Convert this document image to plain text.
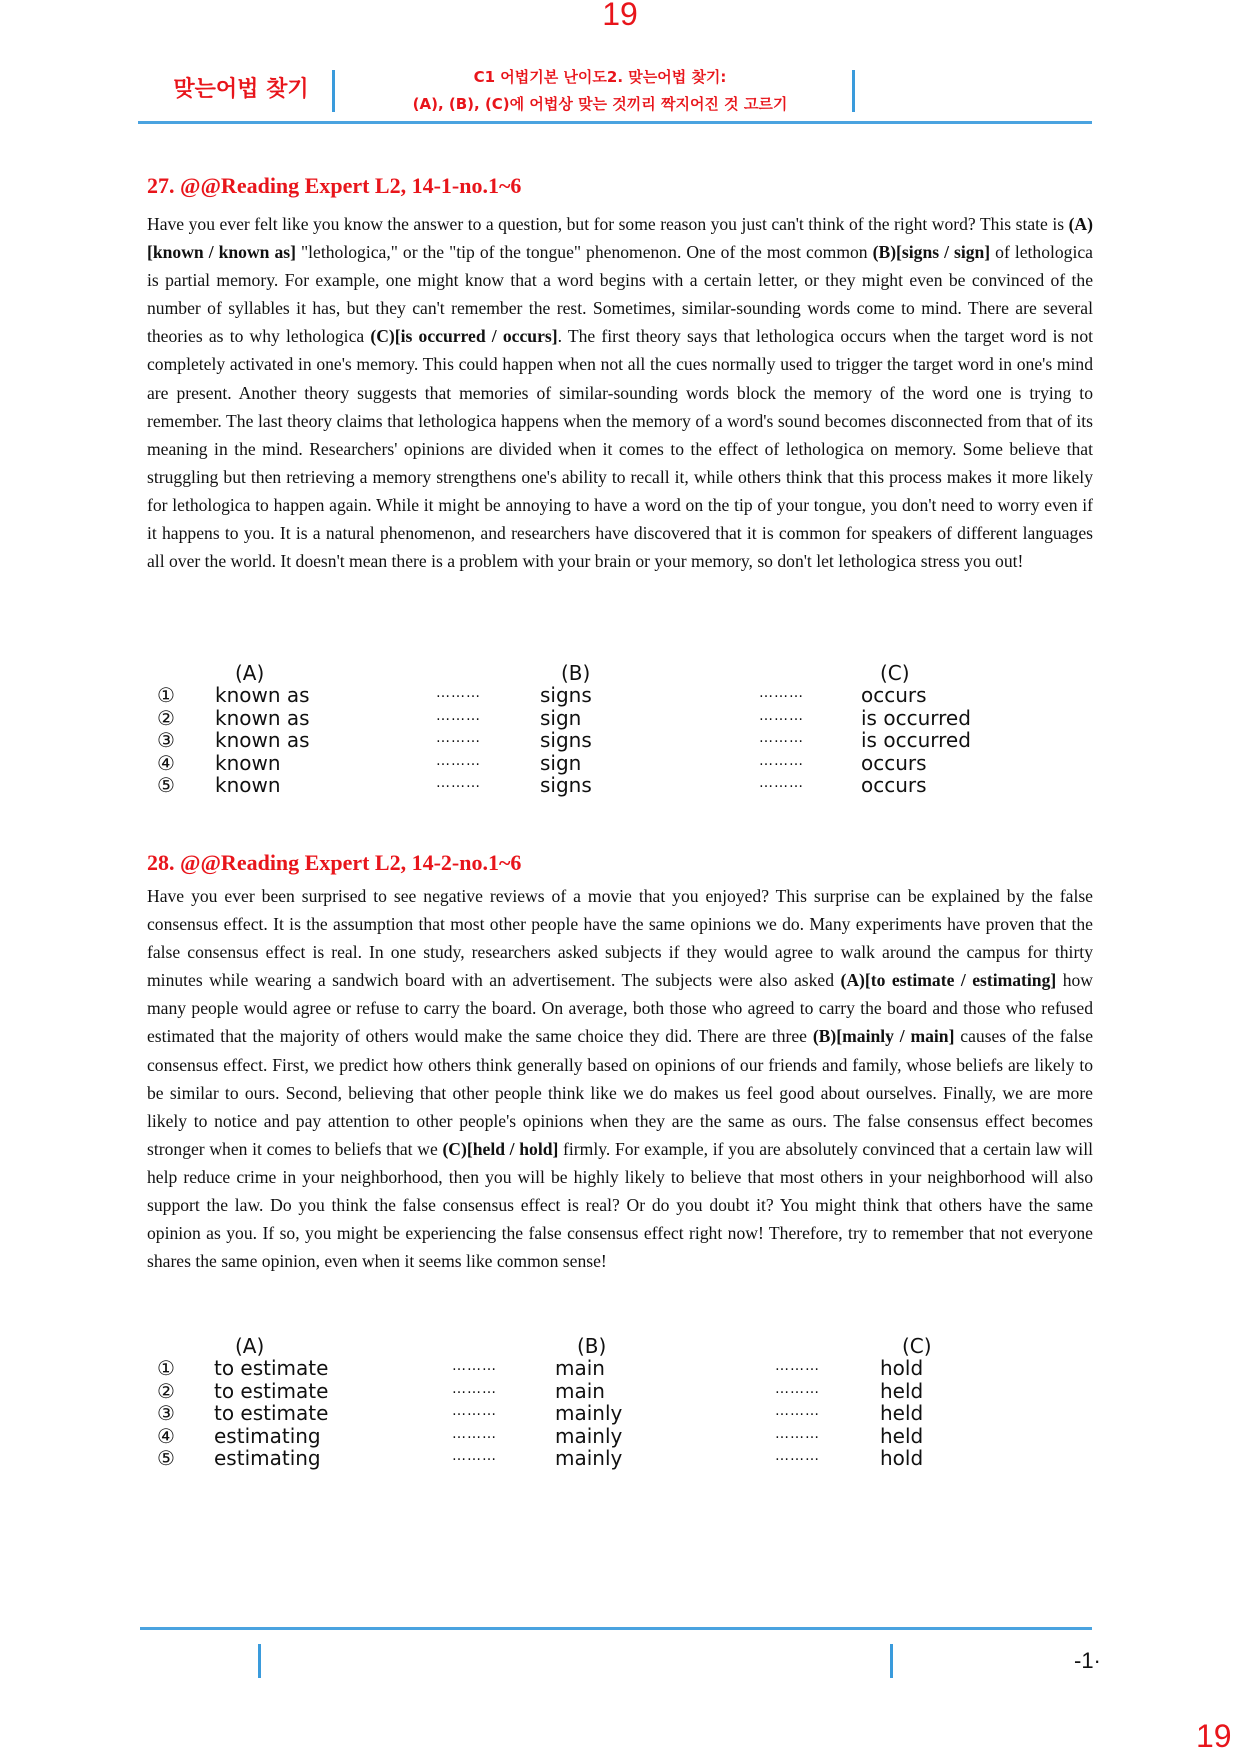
19
맞는어법 찾기	C1 어법기본 난이도2. 맞는어법 찾기:
(A), (B), (C)에 어법상 맞는 것끼리 짝지어진 것 고르기
27. @@Reading Expert L2, 14-1-no.1~6
Have you ever felt like you know the answer to a question, but for some reason you just can't think of the right word? This state is (A)[known / known as] "lethologica," or the "tip of the tongue" phenomenon. One of the most common (B)[signs / sign] of lethologica is partial memory. For example, one might know that a word begins with a certain letter, or they might even be convinced of the number of syllables it has, but they can't remember the rest. Sometimes, similar-sounding words come to mind. There are several theories as to why lethologica (C)[is occurred / occurs]. The first theory says that lethologica occurs when the target word is not completely activated in one's memory. This could happen when not all the cues normally used to trigger the target word in one's mind are present. Another theory suggests that memories of similar-sounding words block the memory of the word one is trying to remember. The last theory claims that lethologica happens when the memory of a word's sound becomes disconnected from that of its meaning in the mind. Researchers' opinions are divided when it comes to the effect of lethologica on memory. Some believe that struggling but then retrieving a memory strengthens one's ability to recall it, while others think that this process makes it more likely for lethologica to happen again. While it might be annoying to have a word on the tip of your tongue, you don't need to worry even if it happens to you. It is a natural phenomenon, and researchers have discovered that it is common for speakers of different languages all over the world. It doesn't mean there is a problem with your brain or your memory, so don't let lethologica stress you out!
(A)	(B)	(C)
① known as	………	signs	………	occurs
② known as	………	sign	………	is occurred
③ known as	………	signs	………	is occurred
④ known	………	sign	………	occurs
⑤ known	………	signs	………	occurs
28. @@Reading Expert L2, 14-2-no.1~6
Have you ever been surprised to see negative reviews of a movie that you enjoyed? This surprise can be explained by the false consensus effect. It is the assumption that most other people have the same opinions we do. Many experiments have proven that the false consensus effect is real. In one study, researchers asked subjects if they would agree to walk around the campus for thirty minutes while wearing a sandwich board with an advertisement. The subjects were also asked (A)[to estimate / estimating] how many people would agree or refuse to carry the board. On average, both those who agreed to carry the board and those who refused estimated that the majority of others would make the same choice they did. There are three (B)[mainly / main] causes of the false consensus effect. First, we predict how others think generally based on opinions of our friends and family, whose beliefs are likely to be similar to ours. Second, believing that other people think like we do makes us feel good about ourselves. Finally, we are more likely to notice and pay attention to other people's opinions when they are the same as ours. The false consensus effect becomes stronger when it comes to beliefs that we (C)[held / hold] firmly. For example, if you are absolutely convinced that a certain law will help reduce crime in your neighborhood, then you will be highly likely to believe that most others in your neighborhood will also support the law. Do you think the false consensus effect is real? Or do you doubt it? You might think that others have the same opinion as you. If so, you might be experiencing the false consensus effect right now! Therefore, try to remember that not everyone shares the same opinion, even when it seems like common sense!
(A)	(B)	(C)
① to estimate	………	main	………	hold
② to estimate	………	main	………	held
③ to estimate	………	mainly	………	held
④ estimating	………	mainly	………	held
⑤ estimating	………	mainly	………	hold
-1·
19
